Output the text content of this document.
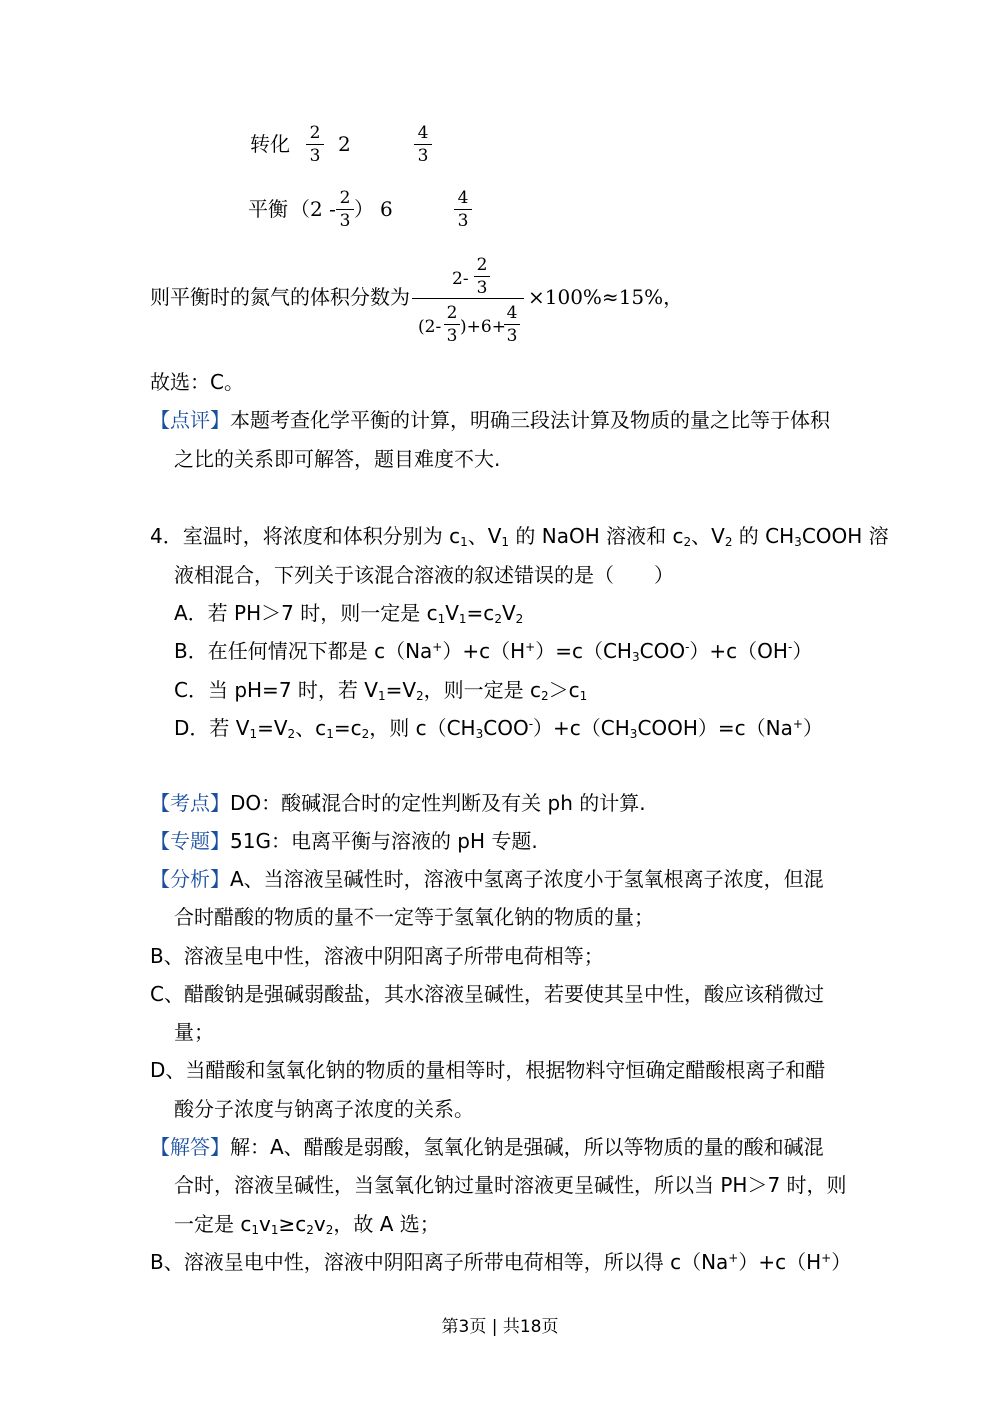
转化 2
3 2	4
3
平衡 （2 - 2
3 ） 6	4
3
则平衡时的氮气的体积分数为
2-
2
3
(2-
2
3 )+6+
4
3
×100%≈15%，
故选：C。
【点评】本题考查化学平衡的计算，明确三段法计算及物质的量之比等于体积
之比的关系即可解答，题目难度不大.
4．室温时，将浓度和体积分别为 $c_1$、$V_1$ 的 NaOH 溶液和 $c_2$、$V_2$ 的 $CH_3COOH$ 溶
液相混合，下列关于该混合溶液的叙述错误的是（　　）
A．若 PH＞7 时，则一定是 $c_1V_1=c_2V_2$
B．在任何情况下都是 $c(Na^+)+c(H^+)=c(CH_3COO^-)+c(OH^-)$
C．当 pH=7 时，若 $V_1=V_2$，则一定是 $c_2>c_1$
D．若 $V_1=V_2$、$c_1=c_2$，则 $c(CH_3COO^-)+c(CH_3COOH)=c(Na^+)$
【考点】DO：酸碱混合时的定性判断及有关 ph 的计算.
【专题】51G：电离平衡与溶液的 pH 专题.
【分析】A、当溶液呈碱性时，溶液中氢离子浓度小于氢氧根离子浓度，但混
合时醋酸的物质的量不一定等于氢氧化钠的物质的量；
B、溶液呈电中性，溶液中阴阳离子所带电荷相等；
C、醋酸钠是强碱弱酸盐，其水溶液呈碱性，若要使其呈中性，酸应该稍微过
量；
D、当醋酸和氢氧化钠的物质的量相等时，根据物料守恒确定醋酸根离子和醋
酸分子浓度与钠离子浓度的关系。
【解答】解：A、醋酸是弱酸，氢氧化钠是强碱，所以等物质的量的酸和碱混
合时，溶液呈碱性，当氢氧化钠过量时溶液更呈碱性，所以当 PH＞7 时，则
一定是 $c_1v_1\ge c_2v_2$，故 A 选；
B、溶液呈电中性，溶液中阴阳离子所带电荷相等，所以得 c（Na+）+c（H+）
第3页 | 共18页
